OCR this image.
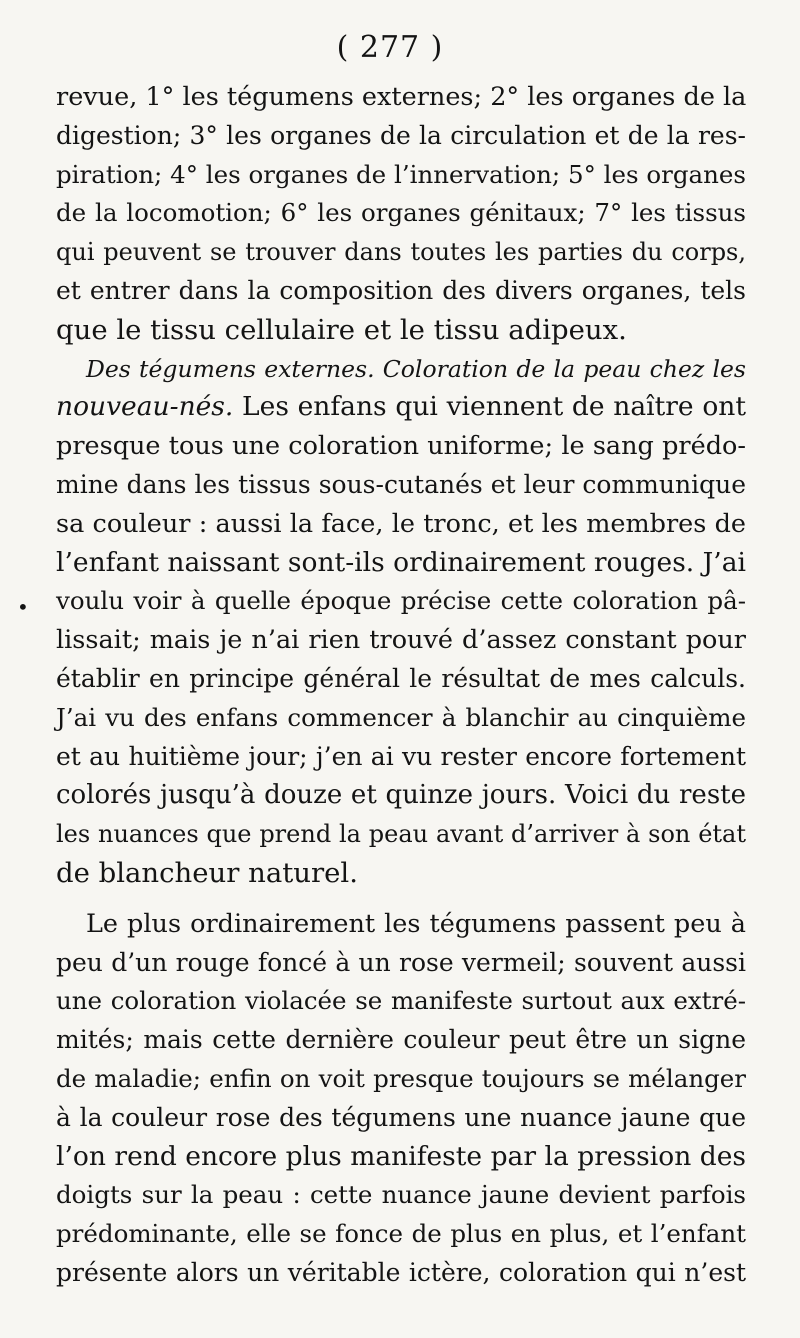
( 277 )
•
revue, 1° les tégumens externes; 2° les organes de la
digestion; 3° les organes de la circulation et de la res-
piration; 4° les organes de l’innervation; 5° les organes
de la locomotion; 6° les organes génitaux; 7° les tissus
qui peuvent se trouver dans toutes les parties du corps,
et entrer dans la composition des divers organes, tels
que le tissu cellulaire et le tissu adipeux.
Des tégumens externes. Coloration de la peau chez les
nouveau-nés. Les enfans qui viennent de naître ont
presque tous une coloration uniforme; le sang prédo-
mine dans les tissus sous-cutanés et leur communique
sa couleur : aussi la face, le tronc, et les membres de
l’enfant naissant sont-ils ordinairement rouges. J’ai
voulu voir à quelle époque précise cette coloration pâ-
lissait; mais je n’ai rien trouvé d’assez constant pour
établir en principe général le résultat de mes calculs.
J’ai vu des enfans commencer à blanchir au cinquième
et au huitième jour; j’en ai vu rester encore fortement
colorés jusqu’à douze et quinze jours. Voici du reste
les nuances que prend la peau avant d’arriver à son état
de blancheur naturel.
Le plus ordinairement les tégumens passent peu à
peu d’un rouge foncé à un rose vermeil; souvent aussi
une coloration violacée se manifeste surtout aux extré-
mités; mais cette dernière couleur peut être un signe
de maladie; enfin on voit presque toujours se mélanger
à la couleur rose des tégumens une nuance jaune que
l’on rend encore plus manifeste par la pression des
doigts sur la peau : cette nuance jaune devient parfois
prédominante, elle se fonce de plus en plus, et l’enfant
présente alors un véritable ictère, coloration qui n’est
